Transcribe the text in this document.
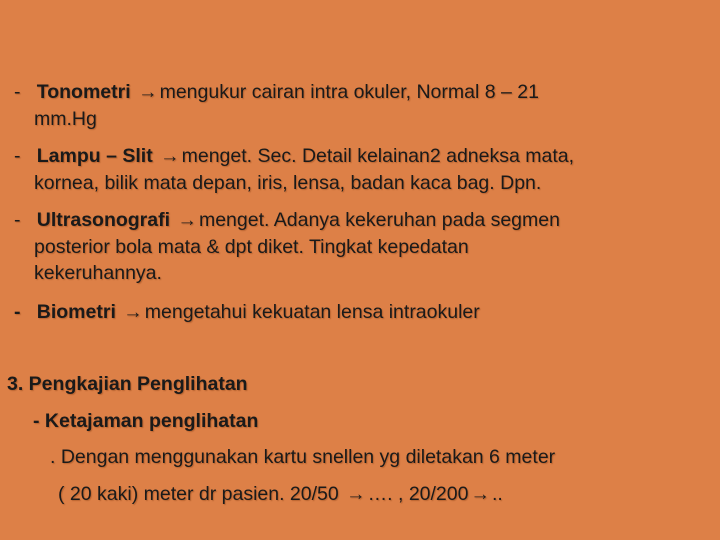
- Tonometri → mengukur cairan intra okuler, Normal 8 – 21
mm.Hg
- Lampu – Slit → menget. Sec. Detail kelainan2 adneksa mata,
kornea, bilik mata depan, iris, lensa, badan kaca bag. Dpn.
- Ultrasonografi → menget. Adanya kekeruhan pada segmen
posterior bola mata & dpt diket. Tingkat kepedatan
kekeruhannya.
- Biometri → mengetahui kekuatan lensa intraokuler
3. Pengkajian Penglihatan
- Ketajaman penglihatan
. Dengan menggunakan kartu snellen yg diletakan 6 meter
( 20 kaki) meter dr pasien. 20/50 → …. , 20/200 → ..
